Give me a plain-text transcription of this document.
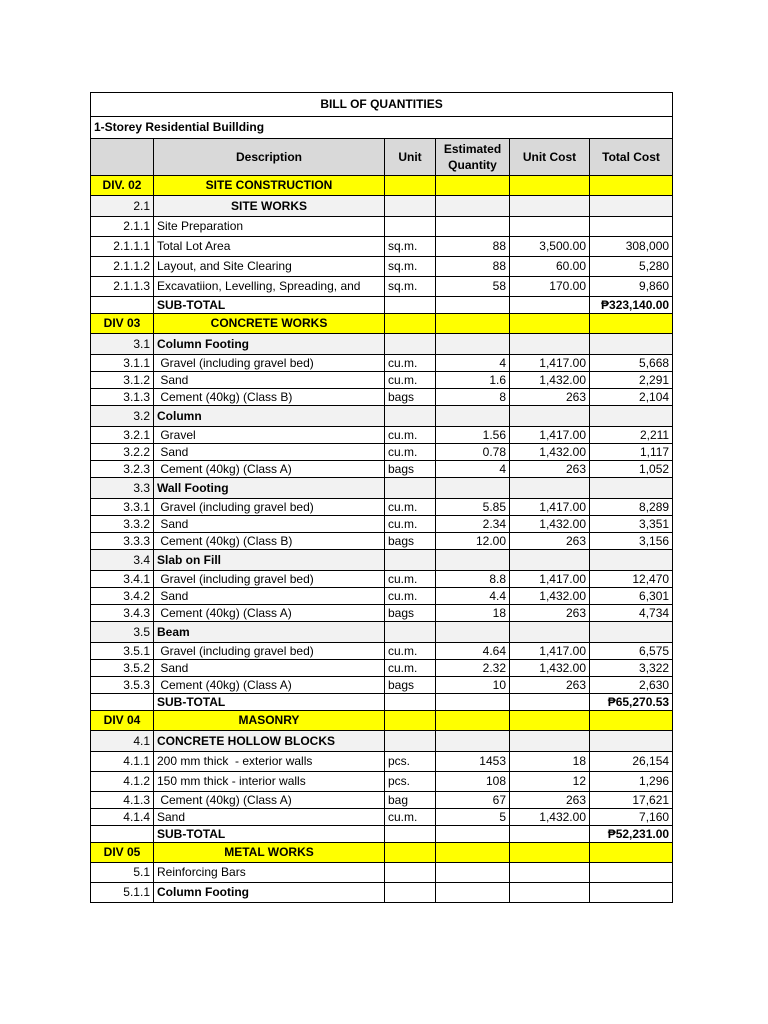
BILL OF QUANTITIES					
1-Storey Residential Buillding					
	Description	Unit	Estimated Quantity	Unit Cost	Total Cost
DIV. 02	SITE CONSTRUCTION				
2.1	SITE WORKS				
2.1.1	Site Preparation				
2.1.1.1	Total Lot Area	sq.m.	88	3,500.00	308,000
2.1.1.2	Layout, and Site Clearing	sq.m.	88	60.00	5,280
2.1.1.3	Excavatiion, Levelling, Spreading, and	sq.m.	58	170.00	9,860
	SUB-TOTAL				₱323,140.00
DIV 03	CONCRETE WORKS				
3.1	Column Footing				
3.1.1	Gravel (including gravel bed)	cu.m.	4	1,417.00	5,668
3.1.2	Sand	cu.m.	1.6	1,432.00	2,291
3.1.3	Cement (40kg) (Class B)	bags	8	263	2,104
3.2	Column				
3.2.1	Gravel	cu.m.	1.56	1,417.00	2,211
3.2.2	Sand	cu.m.	0.78	1,432.00	1,117
3.2.3	Cement (40kg) (Class A)	bags	4	263	1,052
3.3	Wall Footing				
3.3.1	Gravel (including gravel bed)	cu.m.	5.85	1,417.00	8,289
3.3.2	Sand	cu.m.	2.34	1,432.00	3,351
3.3.3	Cement (40kg) (Class B)	bags	12.00	263	3,156
3.4	Slab on Fill				
3.4.1	Gravel (including gravel bed)	cu.m.	8.8	1,417.00	12,470
3.4.2	Sand	cu.m.	4.4	1,432.00	6,301
3.4.3	Cement (40kg) (Class A)	bags	18	263	4,734
3.5	Beam				
3.5.1	Gravel (including gravel bed)	cu.m.	4.64	1,417.00	6,575
3.5.2	Sand	cu.m.	2.32	1,432.00	3,322
3.5.3	Cement (40kg) (Class A)	bags	10	263	2,630
	SUB-TOTAL				₱65,270.53
DIV 04	MASONRY				
4.1	CONCRETE HOLLOW BLOCKS				
4.1.1	200 mm thick  - exterior walls	pcs.	1453	18	26,154
4.1.2	150 mm thick - interior walls	pcs.	108	12	1,296
4.1.3	Cement (40kg) (Class A)	bag	67	263	17,621
4.1.4	Sand	cu.m.	5	1,432.00	7,160
	SUB-TOTAL				₱52,231.00
DIV 05	METAL WORKS				
5.1	Reinforcing Bars				
5.1.1	Column Footing				
